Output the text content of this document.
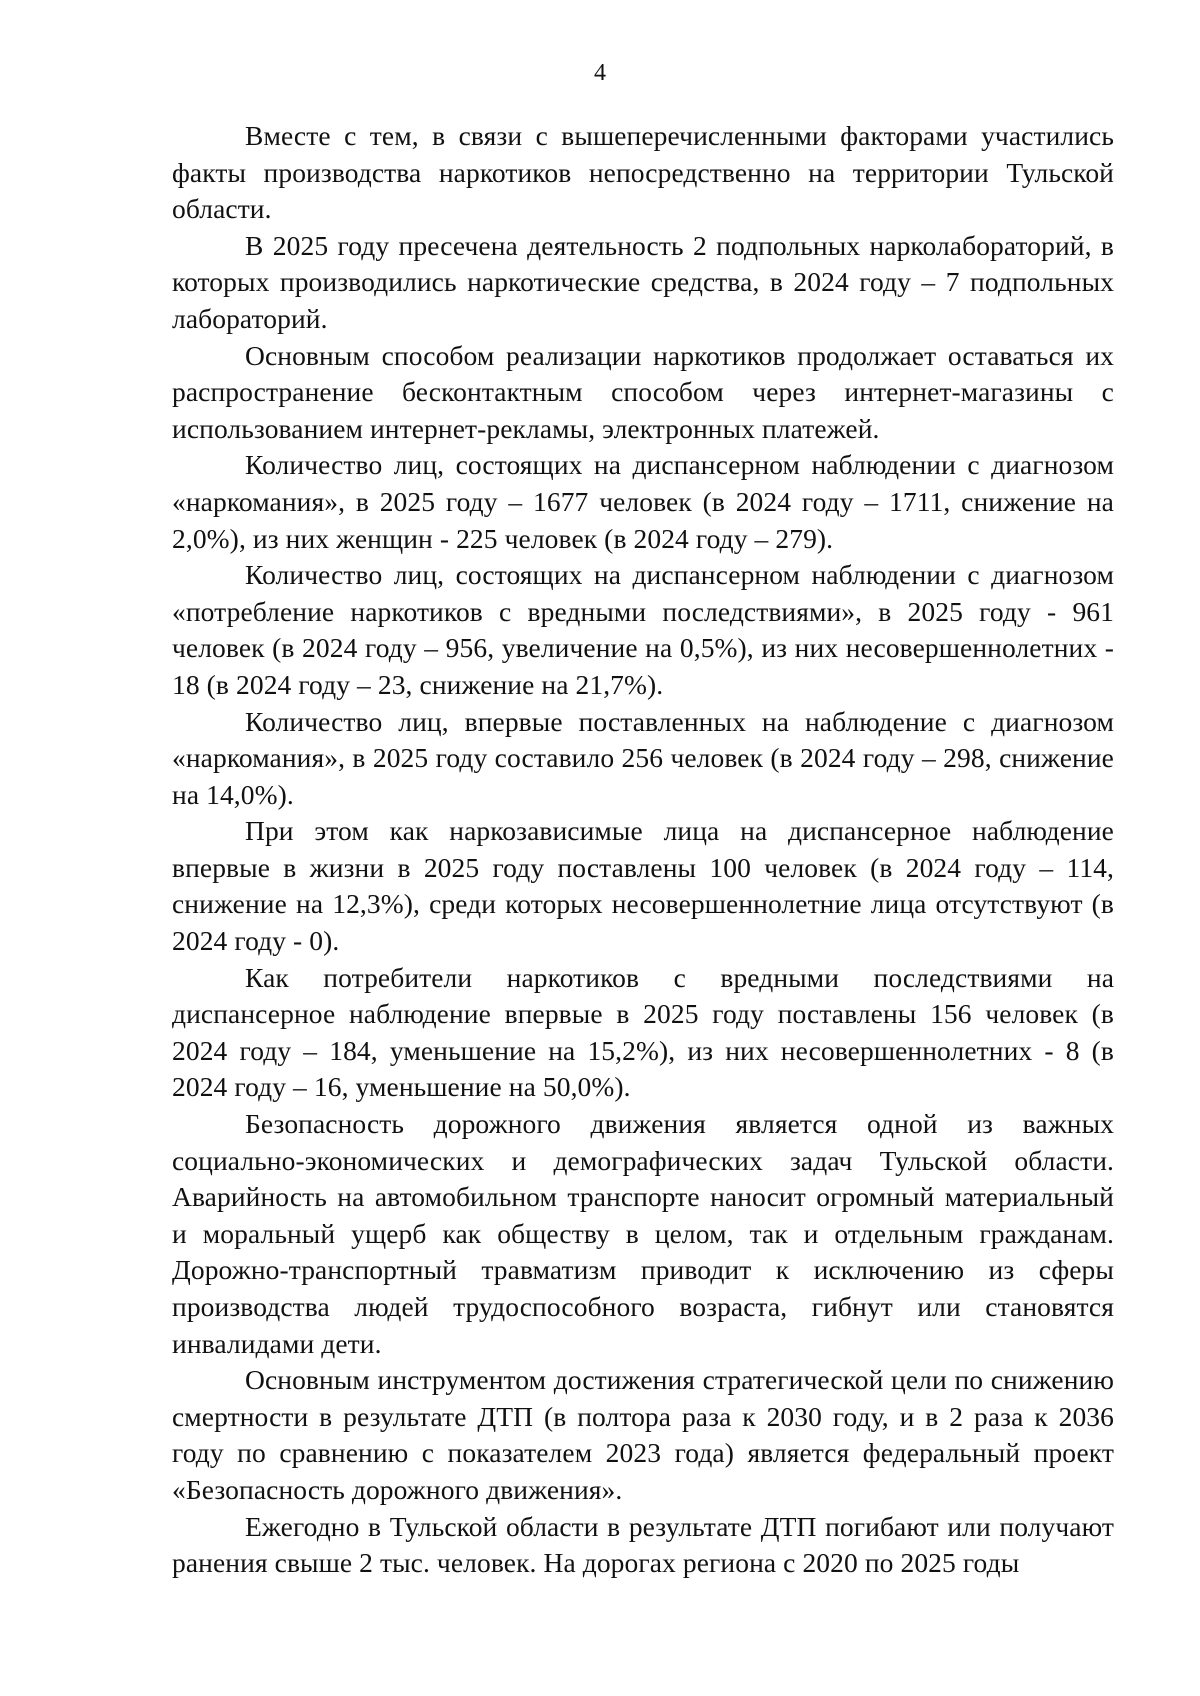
4

Вместе с тем, в связи с вышеперечисленными факторами участились факты производства наркотиков непосредственно на территории Тульской области.

В 2025 году пресечена деятельность 2 подпольных нарколабораторий, в которых производились наркотические средства, в 2024 году – 7 подпольных лабораторий.

Основным способом реализации наркотиков продолжает оставаться их распространение бесконтактным способом через интернет-магазины с использованием интернет-рекламы, электронных платежей.

Количество лиц, состоящих на диспансерном наблюдении с диагнозом «наркомания», в 2025 году – 1677 человек (в 2024 году – 1711, снижение на 2,0%), из них женщин - 225 человек (в 2024 году – 279).

Количество лиц, состоящих на диспансерном наблюдении с диагнозом «потребление наркотиков с вредными последствиями», в 2025 году - 961 человек (в 2024 году – 956, увеличение на 0,5%), из них несовершеннолетних - 18 (в 2024 году – 23, снижение на 21,7%).

Количество лиц, впервые поставленных на наблюдение с диагнозом «наркомания», в 2025 году составило 256 человек (в 2024 году – 298, снижение на 14,0%).

При этом как наркозависимые лица на диспансерное наблюдение впервые в жизни в 2025 году поставлены 100 человек (в 2024 году – 114, снижение на 12,3%), среди которых несовершеннолетние лица отсутствуют (в 2024 году - 0).

Как потребители наркотиков с вредными последствиями на диспансерное наблюдение впервые в 2025 году поставлены 156 человек (в 2024 году – 184, уменьшение на 15,2%), из них несовершеннолетних - 8 (в 2024 году – 16, уменьшение на 50,0%).

Безопасность дорожного движения является одной из важных социально-экономических и демографических задач Тульской области. Аварийность на автомобильном транспорте наносит огромный материальный и моральный ущерб как обществу в целом, так и отдельным гражданам. Дорожно-транспортный травматизм приводит к исключению из сферы производства людей трудоспособного возраста, гибнут или становятся инвалидами дети.

Основным инструментом достижения стратегической цели по снижению смертности в результате ДТП (в полтора раза к 2030 году, и в 2 раза к 2036 году по сравнению с показателем 2023 года) является федеральный проект «Безопасность дорожного движения».

Ежегодно в Тульской области в результате ДТП погибают или получают ранения свыше 2 тыс. человек. На дорогах региона с 2020 по 2025 годы
